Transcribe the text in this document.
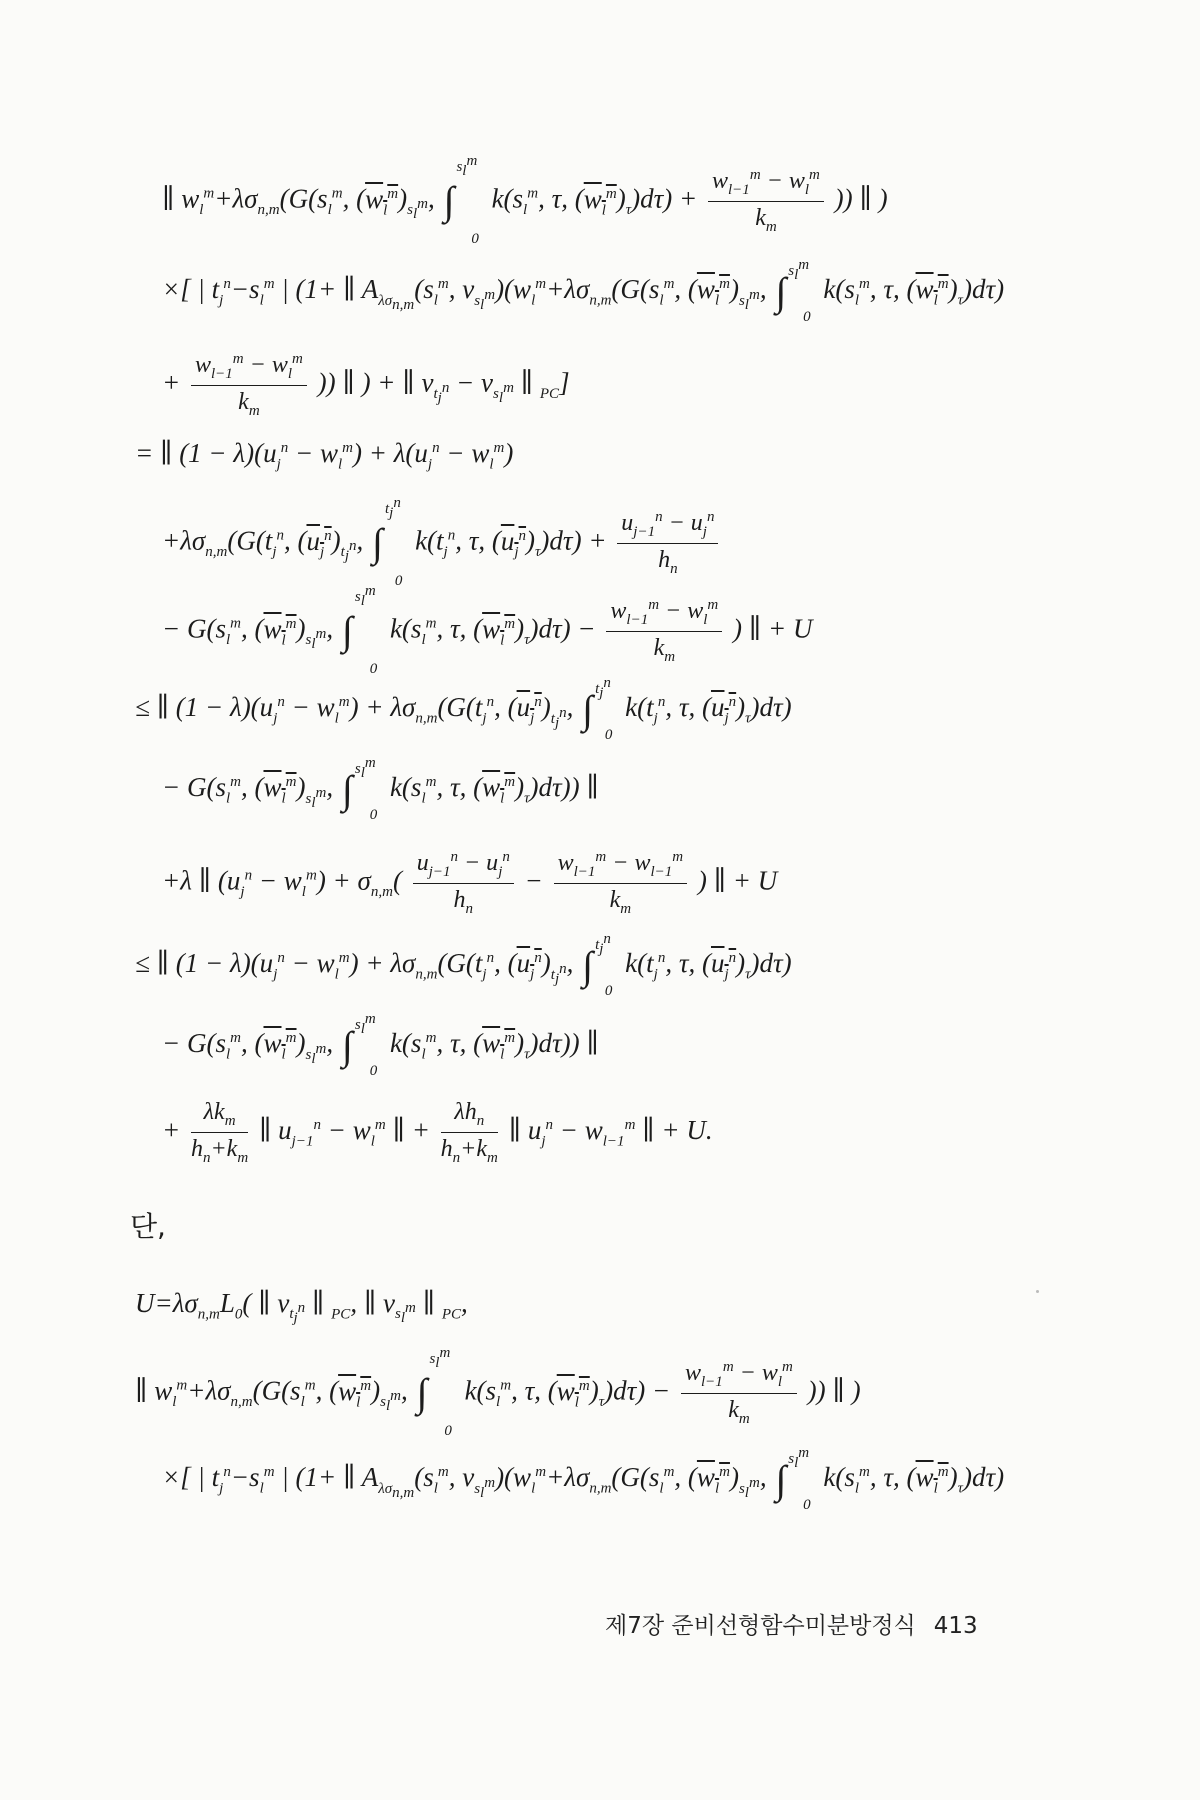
∥ $w_l^m+\lambda\sigma_{n,m}(G(s_l^m$, $(w_l^m)_{s_l^m}$, $\int s_l^m0$ $k(s_l^m$, τ, $(w_l^m)_\tau)d\tau) + \frac{w_{l-1}^m - w_l^m}{k_m}$ )) ∥ )
×[ | $t_j^n-s_l^m$ | (1+ ∥ $A_{\lambda\sigma_{n,m}}(s_l^m$, $v_{s_l^m})(w_l^m+\lambda\sigma_{n,m}(G(s_l^m$, $(w_l^m)_{s_l^m}$, ∫ $s_l^m0$ $k(s_l^m$, τ, $(w_l^m)_\tau)d\tau$)
+ $\frac{w_{l-1}^m - w_l^m}{k_m}$ )) ∥ ) + ∥ $v_{t_j^n} - v_{s_l^m}$ ∥ $_{PC}$]
= ∥ $(1 - \lambda)(u_j^n - w_l^m) + \lambda(u_j^n - w_l^m)$
$+\lambda\sigma_{n,m}(G(t_j^n$, $(u_j^n)_{t_j^n}$, $\int t_j^n0$ $k(t_j^n$, τ, $(u_j^n)_\tau)d\tau) + \frac{u_{j-1}^n - u_j^n}{h_n}$
− $G(s_l^m$, $(w_l^m)_{s_l^m}$, $\int s_l^m0$ $k(s_l^m$, τ, $(w_l^m)_\tau)d\tau) - \frac{w_{l-1}^m - w_l^m}{k_m}$ ) ∥ + U
≤ ∥ $(1 - \lambda)(u_j^n - w_l^m) + \lambda\sigma_{n,m}(G(t_j^n$, $(u_j^n)_{t_j^n}$, ∫ $t_j^n0$ $k(t_j^n$, τ, $(u_j^n)_\tau)d\tau$)
− $G(s_l^m$, $(w_l^m)_{s_l^m}$, ∫ $s_l^m0$ $k(s_l^m$, τ, $(w_l^m)_\tau)d\tau$)) ∥
+λ ∥ $(u_j^n - w_l^m) + \sigma_{n,m}( \frac{u_{j-1}^n - u_j^n}{h_n} - \frac{w_{l-1}^m - w_{l-1}^m}{k_m}$ ) ∥ + U
≤ ∥ $(1 - \lambda)(u_j^n - w_l^m) + \lambda\sigma_{n,m}(G(t_j^n$, $(u_j^n)_{t_j^n}$, ∫ $t_j^n0$ $k(t_j^n$, τ, $(u_j^n)_\tau)d\tau$)
− $G(s_l^m$, $(w_l^m)_{s_l^m}$, ∫ $s_l^m0$ $k(s_l^m$, τ, $(w_l^m)_\tau)d\tau$)) ∥
+ $\frac{\lambda k_m}{h_n+k_m}$ ∥ $u_{j-1}^n - w_l^m$ ∥ + $\frac{\lambda h_n}{h_n+k_m}$ ∥ $u_j^n - w_{l-1}^m$ ∥ + U.
단,
$U=\lambda\sigma_{n,m}L_0$( ∥ $v_{t_j^n}$ ∥ $_{PC}$, ∥ $v_{s_l^m}$ ∥ $_{PC}$,
∥ $w_l^m+\lambda\sigma_{n,m}(G(s_l^m$, $(w_l^m)_{s_l^m}$, $\int s_l^m0$ $k(s_l^m$, τ, $(w_l^m)_\tau)d\tau) - \frac{w_{l-1}^m - w_l^m}{k_m}$ )) ∥ )
×[ | $t_j^n-s_l^m$ | (1+ ∥ $A_{\lambda\sigma_{n,m}}(s_l^m$, $v_{s_l^m})(w_l^m+\lambda\sigma_{n,m}(G(s_l^m$, $(w_l^m)_{s_l^m}$, ∫ $s_l^m0$ $k(s_l^m$, τ, $(w_l^m)_\tau)d\tau$)
제7장 준비선형함수미분방정식 413
